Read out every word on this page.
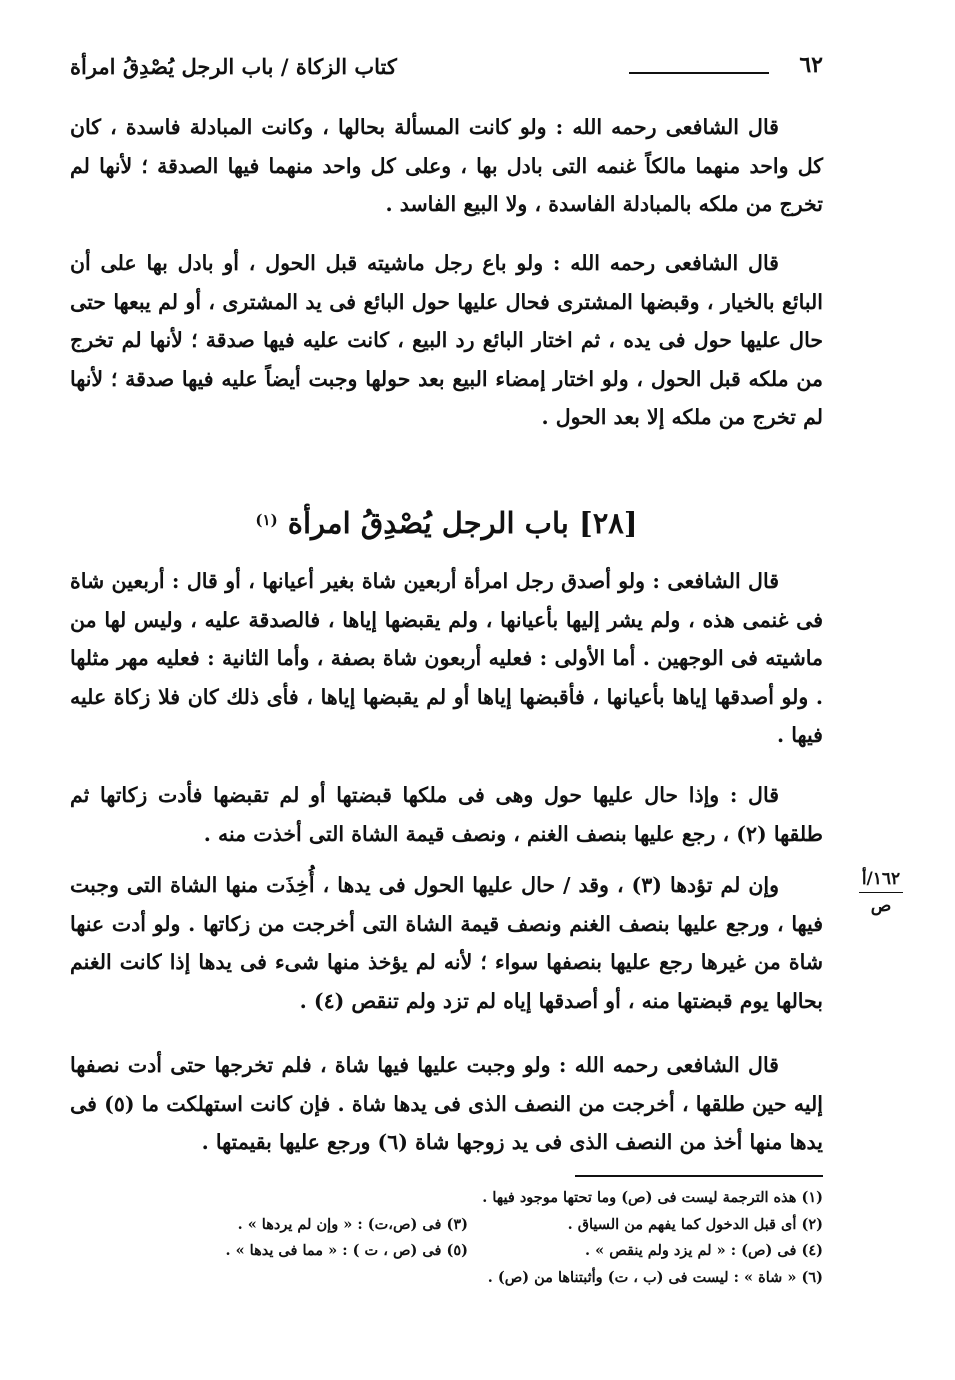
٦٢
كتاب الزكاة / باب الرجل يُصْدِقُ امرأة

قال الشافعى رحمه الله : ولو كانت المسألة بحالها ، وكانت المبادلة فاسدة ، كان كل واحد منهما مالكاً غنمه التى بادل بها ، وعلى كل واحد منهما فيها الصدقة ؛ لأنها لم تخرج من ملكه بالمبادلة الفاسدة ، ولا البيع الفاسد .

قال الشافعى رحمه الله : ولو باع رجل ماشيته قبل الحول ، أو بادل بها على أن البائع بالخيار ، وقبضها المشترى فحال عليها حول البائع فى يد المشترى ، أو لم يبعها حتى حال عليها حول فى يده ، ثم اختار البائع رد البيع ، كانت عليه فيها صدقة ؛ لأنها لم تخرج من ملكه قبل الحول ، ولو اختار إمضاء البيع بعد حولها وجبت أيضاً عليه فيها صدقة ؛ لأنها لم تخرج من ملكه إلا بعد الحول .

[٢٨] باب الرجل يُصْدِقُ امرأة $^{(١)}$

قال الشافعى : ولو أصدق رجل امرأة أربعين شاة بغير أعيانها ، أو قال : أربعين شاة فى غنمى هذه ، ولم يشر إليها بأعيانها ، ولم يقبضها إياها ، فالصدقة عليه ، وليس لها من ماشيته فى الوجهين . أما الأولى : فعليه أربعون شاة بصفة ، وأما الثانية : فعليه مهر مثلها . ولو أصدقها إياها بأعيانها ، فأقبضها إياها أو لم يقبضها إياها ، فأى ذلك كان فلا زكاة عليه فيها .

قال : وإذا حال عليها حول وهى فى ملكها قبضتها أو لم تقبضها فأدت زكاتها ثم طلقها (٢) ، رجع عليها بنصف الغنم ، ونصف قيمة الشاة التى أخذت منه .

وإن لم تؤدها (٣) ، وقد / حال عليها الحول فى يدها ، أُخِذَت منها الشاة التى وجبت فيها ، ورجع عليها بنصف الغنم ونصف قيمة الشاة التى أخرجت من زكاتها . ولو أدت عنها شاة من غيرها رجع عليها بنصفها سواء ؛ لأنه لم يؤخذ منها شىء فى يدها إذا كانت الغنم بحالها يوم قبضتها منه ، أو أصدقها إياه لم تزد ولم تنقص (٤) .

١٦٢/أ
ص

قال الشافعى رحمه الله : ولو وجبت عليها فيها شاة ، فلم تخرجها حتى أدت نصفها إليه حين طلقها ، أخرجت من النصف الذى فى يدها شاة . فإن كانت استهلكت ما (٥) فى يدها منها أخذ من النصف الذى فى يد زوجها شاة (٦) ورجع عليها بقيمتها .

(١) هذه الترجمة ليست فى (ص) وما تحتها موجود فيها .
(٢) أى قبل الدخول كما يفهم من السياق .
(٣) فى (ص،ت) : « وإن لم يردها » .
(٤) فى (ص) : « لم يزد ولم ينقص » .
(٥) فى (ص ، ت ) : « مما فى يدها » .
(٦) « شاة » : ليست فى (ب ، ت) وأثبتناها من (ص) .
